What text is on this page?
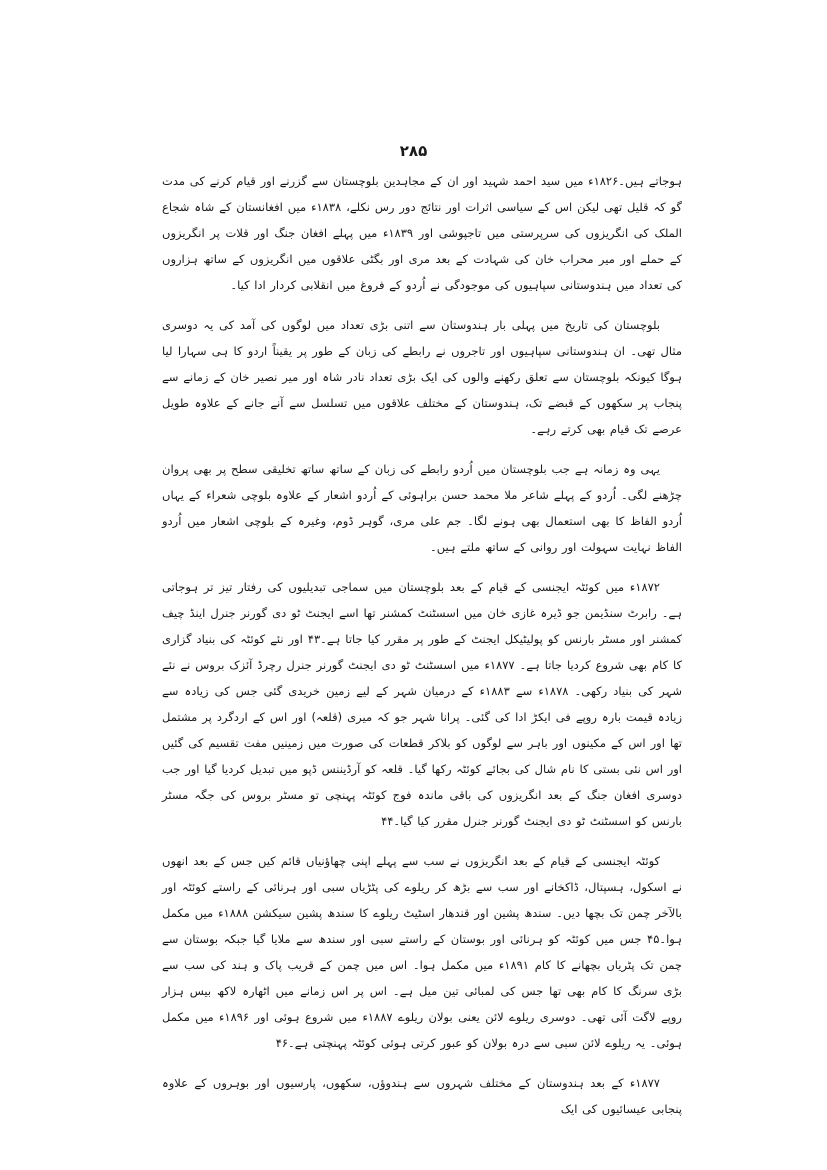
۲۸۵

ہوجاتے ہیں۔۱۸۲۶ء میں سید احمد شہید اور ان کے مجاہدین بلوچستان سے گزرنے اور قیام کرنے کی مدت گو کہ قلیل تھی لیکن اس کے سیاسی اثرات اور نتائج دور رس نکلے، ۱۸۳۸ء میں افغانستان کے شاہ شجاع الملک کی انگریزوں کی سرپرستی میں تاجپوشی اور ۱۸۳۹ء میں پہلے افغان جنگ اور قلات پر انگریزوں کے حملے اور میر محراب خان کی شہادت کے بعد مری اور بگٹی علاقوں میں انگریزوں کے ساتھ ہزاروں کی تعداد میں ہندوستانی سپاہیوں کی موجودگی نے اُردو کے فروغ میں انقلابی کردار ادا کیا۔

بلوچستان کی تاریخ میں پہلی بار ہندوستان سے اتنی بڑی تعداد میں لوگوں کی آمد کی یہ دوسری مثال تھی۔ ان ہندوستانی سپاہیوں اور تاجروں نے رابطے کی زبان کے طور پر یقیناً اردو کا ہی سہارا لیا ہوگا کیونکہ بلوچستان سے تعلق رکھنے والوں کی ایک بڑی تعداد نادر شاہ اور میر نصیر خان کے زمانے سے پنجاب پر سکھوں کے قبضے تک، ہندوستان کے مختلف علاقوں میں تسلسل سے آنے جانے کے علاوہ طویل عرصے تک قیام بھی کرتے رہے۔

یہی وہ زمانہ ہے جب بلوچستان میں اُردو رابطے کی زبان کے ساتھ ساتھ تخلیقی سطح پر بھی پروان چڑھنے لگی۔ اُردو کے پہلے شاعر ملا محمد حسن براہوئی کے اُردو اشعار کے علاوہ بلوچی شعراء کے یہاں اُردو الفاظ کا بھی استعمال بھی ہونے لگا۔ جم علی مری، گوہر ڈوم، وغیرہ کے بلوچی اشعار میں اُردو الفاظ نہایت سہولت اور روانی کے ساتھ ملتے ہیں۔

۱۸۷۲ء میں کوئٹہ ایجنسی کے قیام کے بعد بلوچستان میں سماجی تبدیلیوں کی رفتار تیز تر ہوجاتی ہے۔ رابرٹ سنڈیمن جو ڈیرہ غازی خان میں اسسٹنٹ کمشنر تھا اسے ایجنٹ ٹو دی گورنر جنرل اینڈ چیف کمشنر اور مسٹر بارنس کو پولیٹیکل ایجنٹ کے طور پر مقرر کیا جاتا ہے۔۴۳ اور نئے کوئٹہ کی بنیاد گزاری کا کام بھی شروع کردیا جاتا ہے۔ ۱۸۷۷ء میں اسسٹنٹ ٹو دی ایجنٹ گورنر جنرل رچرڈ آئزک بروس نے نئے شہر کی بنیاد رکھی۔ ۱۸۷۸ء سے ۱۸۸۳ء کے درمیان شہر کے لیے زمین خریدی گئی جس کی زیادہ سے زیادہ قیمت بارہ روپے فی ایکڑ ادا کی گئی۔ پرانا شہر جو کہ میری (قلعہ) اور اس کے اردگرد پر مشتمل تھا اور اس کے مکینوں اور باہر سے لوگوں کو بلاکر قطعات کی صورت میں زمینیں مفت تقسیم کی گئیں اور اس نئی بستی کا نام شال کی بجائے کوئٹہ رکھا گیا۔ قلعہ کو آرڈیننس ڈپو میں تبدیل کردیا گیا اور جب دوسری افغان جنگ کے بعد انگریزوں کی باقی ماندہ فوج کوئٹہ پہنچی تو مسٹر بروس کی جگہ مسٹر بارنس کو اسسٹنٹ ٹو دی ایجنٹ گورنر جنرل مقرر کیا گیا۔۴۴

کوئٹہ ایجنسی کے قیام کے بعد انگریزوں نے سب سے پہلے اپنی چھاؤنیاں قائم کیں جس کے بعد انھوں نے اسکول، ہسپتال، ڈاکخانے اور سب سے بڑھ کر ریلوے کی پٹڑیاں سبی اور ہرنائی کے راستے کوئٹہ اور بالآخر چمن تک بچھا دیں۔ سندھ پشین اور قندھار اسٹیٹ ریلوے کا سندھ پشین سیکشن ۱۸۸۸ء میں مکمل ہوا۔۴۵ جس میں کوئٹہ کو ہرنائی اور بوستان کے راستے سبی اور سندھ سے ملایا گیا جبکہ بوستان سے چمن تک پٹریاں بچھانے کا کام ۱۸۹۱ء میں مکمل ہوا۔ اس میں چمن کے قریب پاک و ہند کی سب سے بڑی سرنگ کا کام بھی تھا جس کی لمبائی تین میل ہے۔ اس پر اس زمانے میں اٹھارہ لاکھ بیس ہزار روپے لاگت آئی تھی۔ دوسری ریلوے لائن یعنی بولان ریلوے ۱۸۸۷ء میں شروع ہوئی اور ۱۸۹۶ء میں مکمل ہوئی۔ یہ ریلوے لائن سبی سے درہ بولان کو عبور کرتی ہوئی کوئٹہ پہنچتی ہے۔۴۶

۱۸۷۷ء کے بعد ہندوستان کے مختلف شہروں سے ہندوؤں، سکھوں، پارسیوں اور بوہروں کے علاوہ پنجابی عیسائیوں کی ایک
